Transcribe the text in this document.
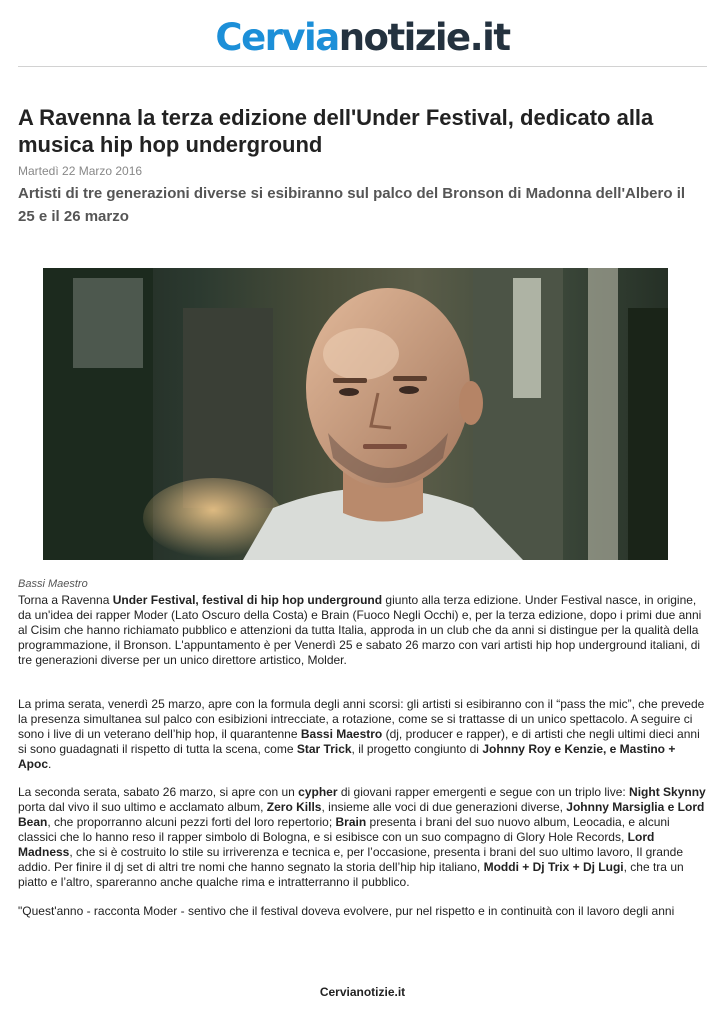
Cervianotizie.it
A Ravenna la terza edizione dell'Under Festival, dedicato alla musica hip hop underground
Martedì 22 Marzo 2016
Artisti di tre generazioni diverse si esibiranno sul palco del Bronson di Madonna dell'Albero il 25 e il 26 marzo
Bassi Maestro

Torna a Ravenna Under Festival, festival di hip hop underground giunto alla terza edizione. Under Festival nasce, in origine, da un'idea dei rapper Moder (Lato Oscuro della Costa) e Brain (Fuoco Negli Occhi) e, per la terza edizione, dopo i primi due anni al Cisim che hanno richiamato pubblico e attenzioni da tutta Italia, approda in un club che da anni si distingue per la qualità della programmazione, il Bronson. L'appuntamento è per Venerdì 25 e sabato 26 marzo con vari artisti hip hop underground italiani, di tre generazioni diverse per un unico direttore artistico, Molder.

La prima serata, venerdì 25 marzo, apre con la formula degli anni scorsi: gli artisti si esibiranno con il “pass the mic”, che prevede la presenza simultanea sul palco con esibizioni intrecciate, a rotazione, come se si trattasse di un unico spettacolo. A seguire ci sono i live di un veterano dell’hip hop, il quarantenne Bassi Maestro (dj, producer e rapper), e di artisti che negli ultimi dieci anni si sono guadagnati il rispetto di tutta la scena, come Star Trick, il progetto congiunto di Johnny Roy e Kenzie, e Mastino + Apoc.

La seconda serata, sabato 26 marzo, si apre con un cypher di giovani rapper emergenti e segue con un triplo live: Night Skynny porta dal vivo il suo ultimo e acclamato album, Zero Kills, insieme alle voci di due generazioni diverse, Johnny Marsiglia e Lord Bean, che proporranno alcuni pezzi forti del loro repertorio; Brain presenta i brani del suo nuovo album, Leocadia, e alcuni classici che lo hanno reso il rapper simbolo di Bologna, e si esibisce con un suo compagno di Glory Hole Records, Lord Madness, che si è costruito lo stile su irriverenza e tecnica e, per l’occasione, presenta i brani del suo ultimo lavoro, Il grande addio. Per finire il dj set di altri tre nomi che hanno segnato la storia dell’hip hip italiano, Moddi + Dj Trix + Dj Lugi, che tra un piatto e l’altro, spareranno anche qualche rima e intratterranno il pubblico.

"Quest'anno - racconta Moder - sentivo che il festival doveva evolvere, pur nel rispetto e in continuità con il lavoro degli anni

Cervianotizie.it
